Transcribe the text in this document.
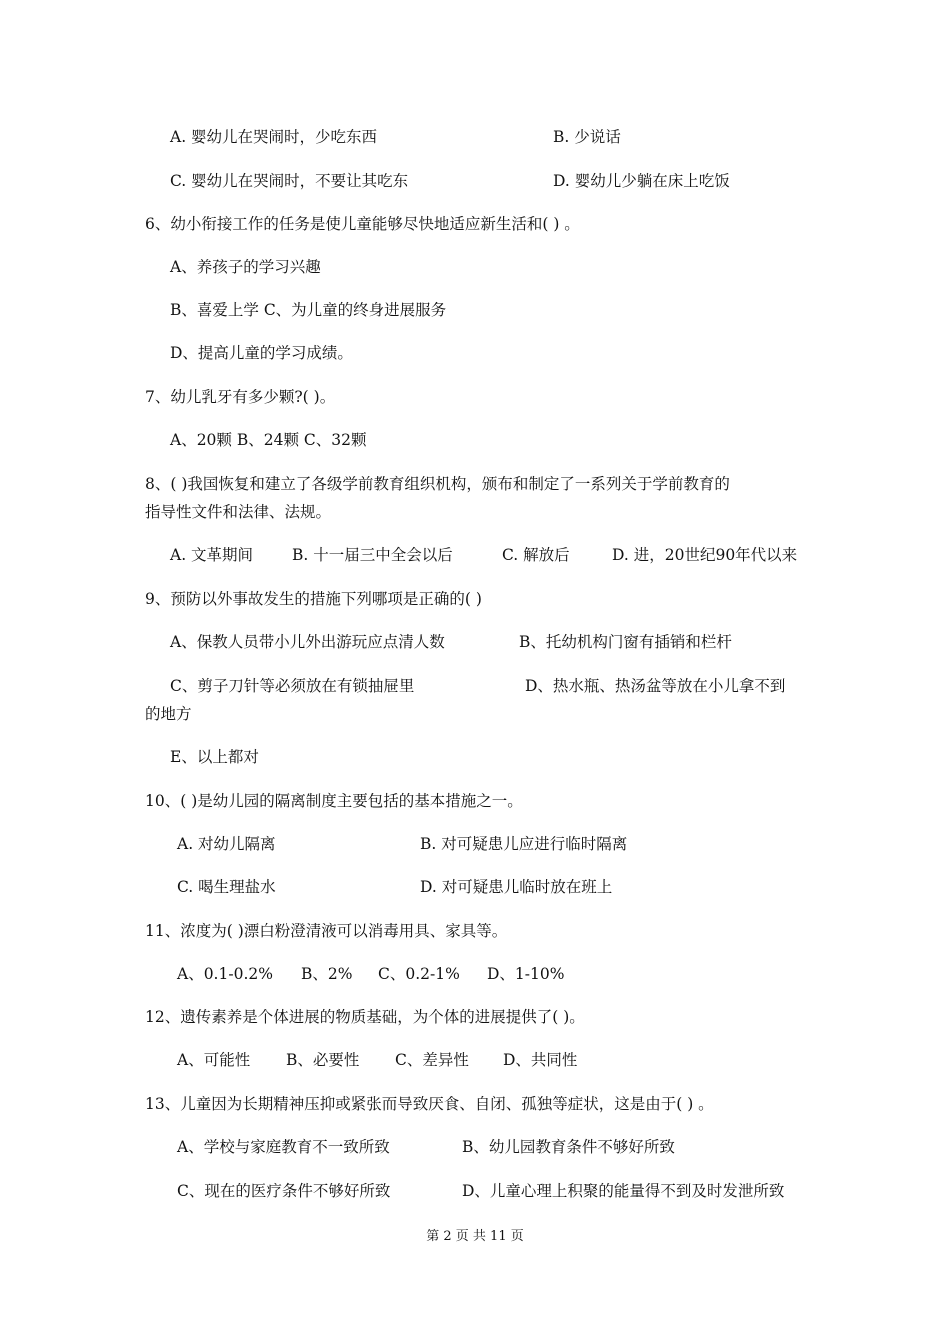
A. 婴幼儿在哭闹时，少吃东西	B. 少说话
C. 婴幼儿在哭闹时，不要让其吃东	D. 婴幼儿少躺在床上吃饭
6、幼小衔接工作的任务是使儿童能够尽快地适应新生活和( ) 。
A、养孩子的学习兴趣
B、喜爱上学 C、为儿童的终身进展服务
D、提高儿童的学习成绩。
7、幼儿乳牙有多少颗?( )。
A、20颗 B、24颗 C、32颗
8、( )我国恢复和建立了各级学前教育组织机构，颁布和制定了一系列关于学前教育的
指导性文件和法律、法规。
A. 文革期间	B. 十一届三中全会以后	C. 解放后	D. 进，20世纪90年代以来
9、预防以外事故发生的措施下列哪项是正确的( )
A、保教人员带小儿外出游玩应点清人数	B、托幼机构门窗有插销和栏杆
C、剪子刀针等必须放在有锁抽屉里	D、热水瓶、热汤盆等放在小儿拿不到
的地方
E、以上都对
10、( )是幼儿园的隔离制度主要包括的基本措施之一。
A. 对幼儿隔离	B. 对可疑患儿应进行临时隔离
C. 喝生理盐水	D. 对可疑患儿临时放在班上
11、浓度为( )漂白粉澄清液可以消毒用具、家具等。
A、0.1-0.2% B、2% C、0.2-1% D、1-10%
12、遗传素养是个体进展的物质基础，为个体的进展提供了( )。
A、可能性 B、必要性 C、差异性 D、共同性
13、儿童因为长期精神压抑或紧张而导致厌食、自闭、孤独等症状，这是由于( ) 。
A、学校与家庭教育不一致所致	B、幼儿园教育条件不够好所致
C、现在的医疗条件不够好所致	D、儿童心理上积聚的能量得不到及时发泄所致
第 2 页 共 11 页
